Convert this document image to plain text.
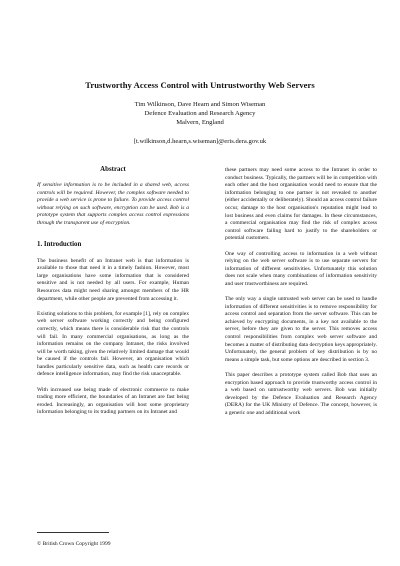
Trustworthy Access Control with Untrustworthy Web Servers
Tim Wilkinson, Dave Hearn and Simon Wiseman
Defence Evaluation and Research Agency
Malvern, England
[t.wilkinson,d.hearn,s.wiseman]@eris.dera.gov.uk
Abstract

If sensitive information is to be included in a shared web, access controls will be required. However, the complex software needed to provide a web service is prone to failure. To provide access control without relying on such software, encryption can be used. Bob is a prototype system that supports complex access control expressions through the transparent use of encryption.

1. Introduction

The business benefit of an Intranet web is that information is available to those that need it in a timely fashion. However, most large organisations have some information that is considered sensitive and is not needed by all users. For example, Human Resources data might need sharing amongst members of the HR department, while other people are prevented from accessing it.

Existing solutions to this problem, for example [1], rely on complex web server software working correctly and being configured correctly, which means there is considerable risk that the controls will fail. In many commercial organisations, as long as the information remains on the company Intranet, the risks involved will be worth taking, given the relatively limited damage that would be caused if the controls fail. However, an organisation which handles particularly sensitive data, such as health care records or defence intelligence information, may find the risk unacceptable.

With increased use being made of electronic commerce to make trading more efficient, the boundaries of an Intranet are fast being eroded. Increasingly, an organisation will host some proprietary information belonging to its trading partners on its Intranet and

these partners may need some access to the Intranet in order to conduct business. Typically, the partners will be in competition with each other and the host organisation would need to ensure that the information belonging to one partner is not revealed to another (either accidentally or deliberately). Should an access control failure occur, damage to the host organisation's reputation might lead to lost business and even claims for damages. In these circumstances, a commercial organisation may find the risk of complex access control software failing hard to justify to the shareholders or potential customers.

One way of controlling access to information in a web without relying on the web server software is to use separate servers for information of different sensitivities. Unfortunately this solution does not scale when many combinations of information sensitivity and user trustworthiness are required.

The only way a single untrusted web server can be used to handle information of different sensitivities is to remove responsibility for access control and separation from the server software. This can be achieved by encrypting documents, in a key not available to the server, before they are given to the server. This removes access control responsibilities from complex web server software and becomes a matter of distributing data decryption keys appropriately. Unfortunately, the general problem of key distribution is by no means a simple task, but some options are described in section 3.

This paper describes a prototype system called Bob that uses an encryption based approach to provide trustworthy access control in a web based on untrustworthy web servers. Bob was initially developed by the Defence Evaluation and Research Agency (DERA) for the UK Ministry of Defence. The concept, however, is a generic one and additional work

© British Crown Copyright 1999
